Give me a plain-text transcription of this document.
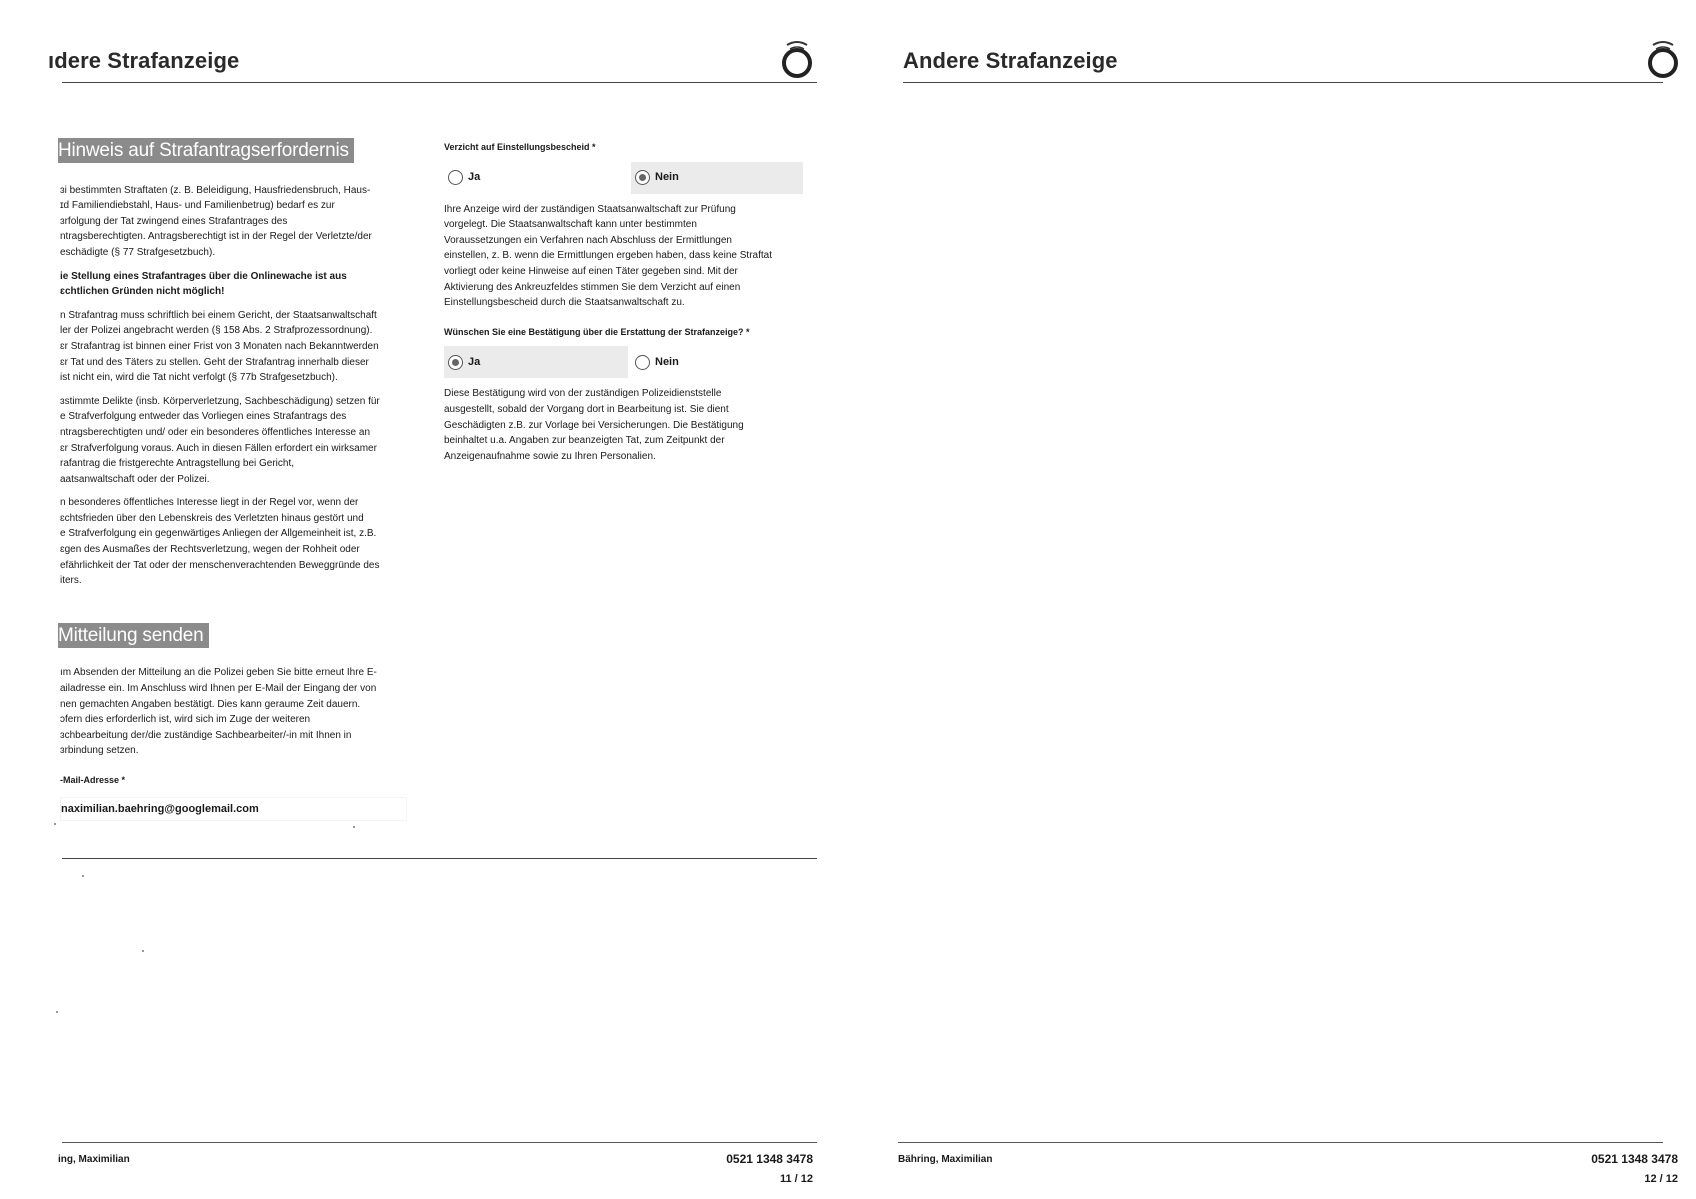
ıdere Strafanzeige
Hinweis auf Strafantragserfordernis
ɜi bestimmten Straftaten (z. B. Beleidigung, Hausfriedensbruch, Haus-
ɪd Familiendiebstahl, Haus- und Familienbetrug) bedarf es zur
ɜrfolgung der Tat zwingend eines Strafantrages des
ntragsberechtigten. Antragsberechtigt ist in der Regel der Verletzte/der
eschädigte (§ 77 Strafgesetzbuch).
ie Stellung eines Strafantrages über die Onlinewache ist aus
ɛchtlichen Gründen nicht möglich!
n Strafantrag muss schriftlich bei einem Gericht, der Staatsanwaltschaft
ler der Polizei angebracht werden (§ 158 Abs. 2 Strafprozessordnung).
ɛr Strafantrag ist binnen einer Frist von 3 Monaten nach Bekanntwerden
ɛr Tat und des Täters zu stellen. Geht der Strafantrag innerhalb dieser
ist nicht ein, wird die Tat nicht verfolgt (§ 77b Strafgesetzbuch).
ɜstimmte Delikte (insb. Körperverletzung, Sachbeschädigung) setzen für
e Strafverfolgung entweder das Vorliegen eines Strafantrags des
ntragsberechtigten und/ oder ein besonderes öffentliches Interesse an
ɛr Strafverfolgung voraus. Auch in diesen Fällen erfordert ein wirksamer
rafantrag die fristgerechte Antragstellung bei Gericht,
aatsanwaltschaft oder der Polizei.
n besonderes öffentliches Interesse liegt in der Regel vor, wenn der
ɛchtsfrieden über den Lebenskreis des Verletzten hinaus gestört und
e Strafverfolgung ein gegenwärtiges Anliegen der Allgemeinheit ist, z.B.
ɛgen des Ausmaßes der Rechtsverletzung, wegen der Rohheit oder
efährlichkeit der Tat oder der menschenverachtenden Beweggründe des
iters.
Mitteilung senden
ım Absenden der Mitteilung an die Polizei geben Sie bitte erneut Ihre E-
ailadresse ein. Im Anschluss wird Ihnen per E-Mail der Eingang der von
nen gemachten Angaben bestätigt. Dies kann geraume Zeit dauern.
ɔfern dies erforderlich ist, wird sich im Zuge der weiteren
ɜchbearbeitung der/die zuständige Sachbearbeiter/-in mit Ihnen in
ɜrbindung setzen.
-Mail-Adresse *
naximilian.baehring@googlemail.com
Verzicht auf Einstellungsbescheid *
Ja	Nein
Ihre Anzeige wird der zuständigen Staatsanwaltschaft zur Prüfung
vorgelegt. Die Staatsanwaltschaft kann unter bestimmten
Voraussetzungen ein Verfahren nach Abschluss der Ermittlungen
einstellen, z. B. wenn die Ermittlungen ergeben haben, dass keine Straftat
vorliegt oder keine Hinweise auf einen Täter gegeben sind. Mit der
Aktivierung des Ankreuzfeldes stimmen Sie dem Verzicht auf einen
Einstellungsbescheid durch die Staatsanwaltschaft zu.
Wünschen Sie eine Bestätigung über die Erstattung der Strafanzeige? *
Ja	Nein
Diese Bestätigung wird von der zuständigen Polizeidienststelle
ausgestellt, sobald der Vorgang dort in Bearbeitung ist. Sie dient
Geschädigten z.B. zur Vorlage bei Versicherungen. Die Bestätigung
beinhaltet u.a. Angaben zur beanzeigten Tat, zum Zeitpunkt der
Anzeigenaufnahme sowie zu Ihren Personalien.
ing, Maximilian	0521 1348 3478
11 / 12
Andere Strafanzeige
Bähring, Maximilian	0521 1348 3478
12 / 12
